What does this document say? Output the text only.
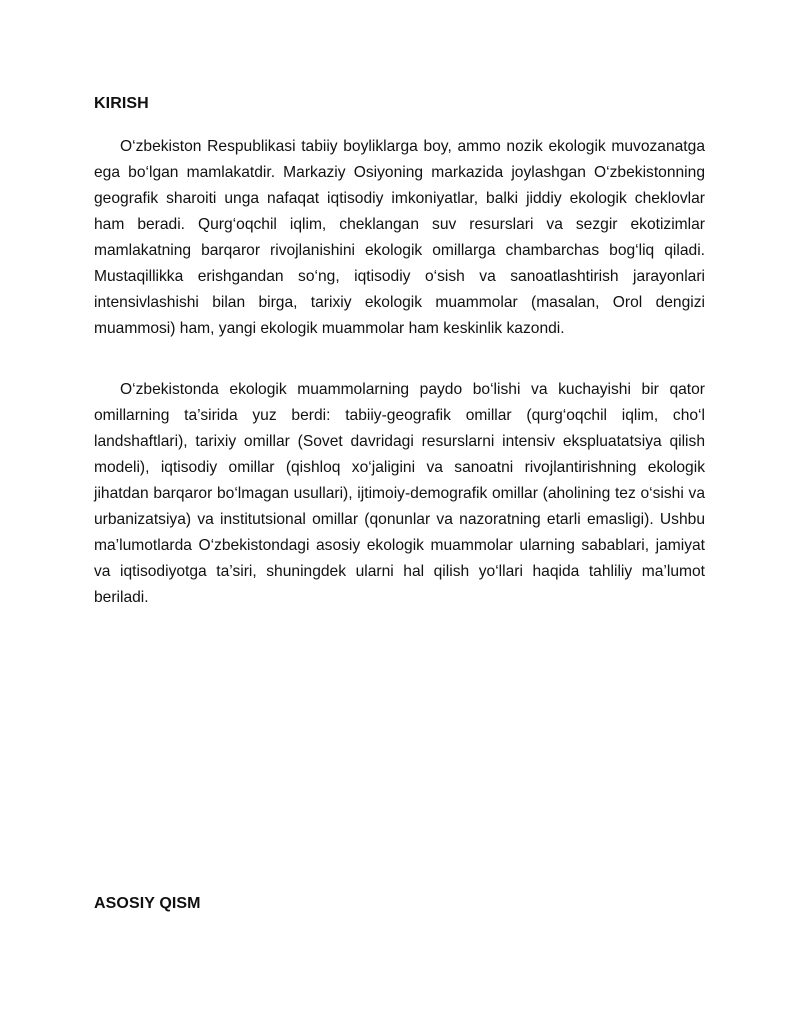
KIRISH

O‘zbekiston Respublikasi tabiiy boyliklarga boy, ammo nozik ekologik muvozanatga ega bo‘lgan mamlakatdir. Markaziy Osiyoning markazida joylashgan O‘zbekistonning geografik sharoiti unga nafaqat iqtisodiy imkoniyatlar, balki jiddiy ekologik cheklovlar ham beradi. Qurg‘oqchil iqlim, cheklangan suv resurslari va sezgir ekotizimlar mamlakatning barqaror rivojlanishini ekologik omillarga chambarchas bog‘liq qiladi. Mustaqillikka erishgandan so‘ng, iqtisodiy o‘sish va sanoatlashtirish jarayonlari intensivlashishi bilan birga, tarixiy ekologik muammolar (masalan, Orol dengizi muammosi) ham, yangi ekologik muammolar ham keskinlik kazondi.

O‘zbekistonda ekologik muammolarning paydo bo‘lishi va kuchayishi bir qator omillarning ta’sirida yuz berdi: tabiiy-geografik omillar (qurg‘oqchil iqlim, cho‘l landshaftlari), tarixiy omillar (Sovet davridagi resurslarni intensiv ekspluatatsiya qilish modeli), iqtisodiy omillar (qishloq xo‘jaligini va sanoatni rivojlantirishning ekologik jihatdan barqaror bo‘lmagan usullari), ijtimoiy-demografik omillar (aholining tez o‘sishi va urbanizatsiya) va institutsional omillar (qonunlar va nazoratning etarli emasligi). Ushbu ma’lumotlarda O‘zbekistondagi asosiy ekologik muammolar ularning sabablari, jamiyat va iqtisodiyotga ta’siri, shuningdek ularni hal qilish yo‘llari haqida tahliliy ma’lumot beriladi.

ASOSIY QISM
